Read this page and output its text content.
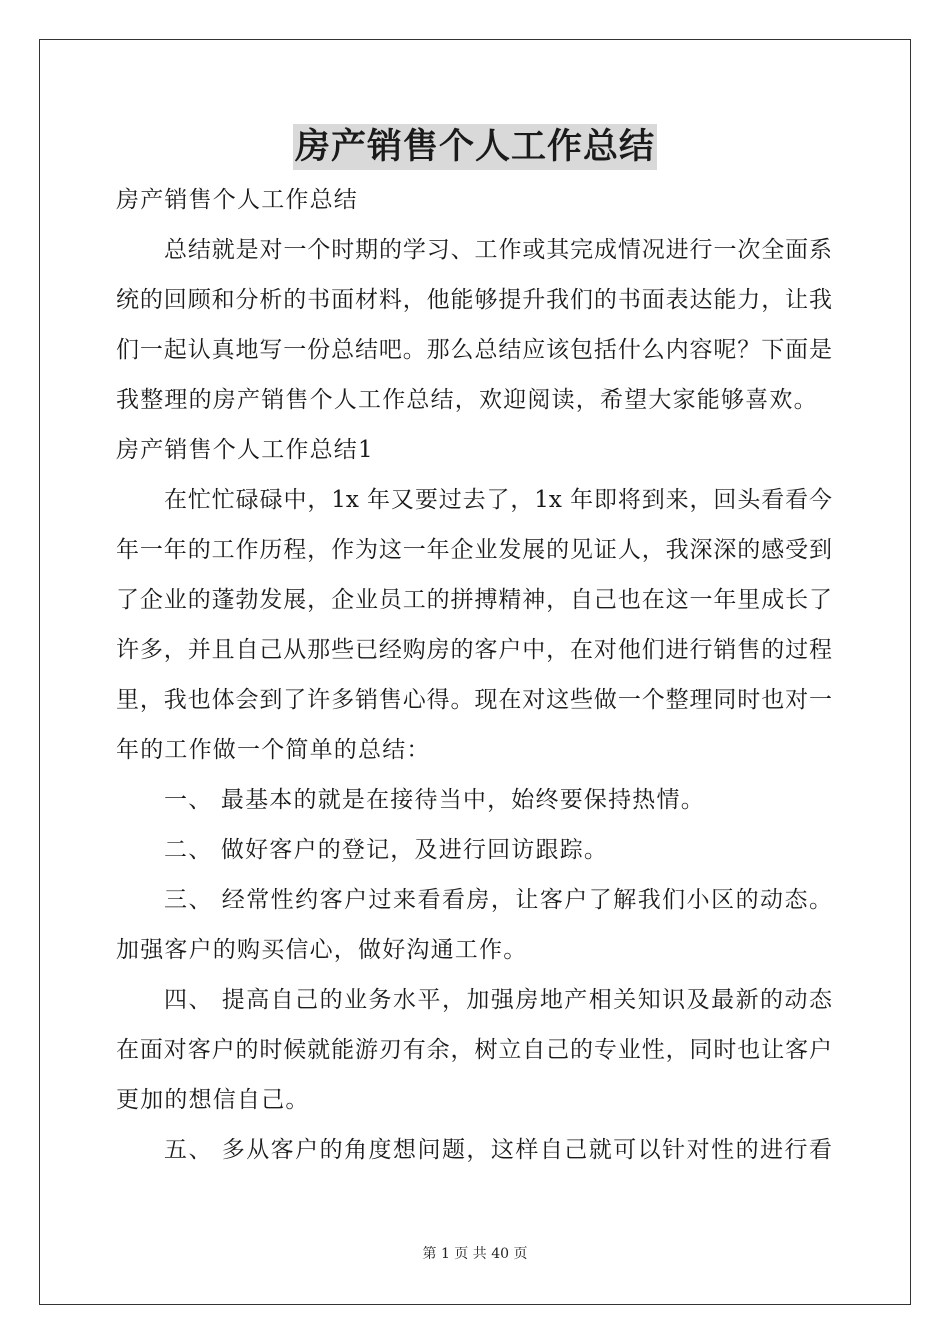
房产销售个人工作总结
房产销售个人工作总结
总结就是对一个时期的学习、工作或其完成情况进行一次全面系
统的回顾和分析的书面材料，他能够提升我们的书面表达能力，让我
们一起认真地写一份总结吧。那么总结应该包括什么内容呢？下面是
我整理的房产销售个人工作总结，欢迎阅读，希望大家能够喜欢。
房产销售个人工作总结1
在忙忙碌碌中，1x 年又要过去了，1x 年即将到来，回头看看今
年一年的工作历程，作为这一年企业发展的见证人，我深深的感受到
了企业的蓬勃发展，企业员工的拼搏精神，自己也在这一年里成长了
许多，并且自己从那些已经购房的客户中，在对他们进行销售的过程
里，我也体会到了许多销售心得。现在对这些做一个整理同时也对一
年的工作做一个简单的总结：
一、 最基本的就是在接待当中，始终要保持热情。
二、 做好客户的登记，及进行回访跟踪。
三、 经常性约客户过来看看房，让客户了解我们小区的动态。
加强客户的购买信心，做好沟通工作。
四、 提高自己的业务水平，加强房地产相关知识及最新的动态
在面对客户的时候就能游刃有余，树立自己的专业性，同时也让客户
更加的想信自己。
五、 多从客户的角度想问题，这样自己就可以针对性的进行看
第 1 页 共 40 页
